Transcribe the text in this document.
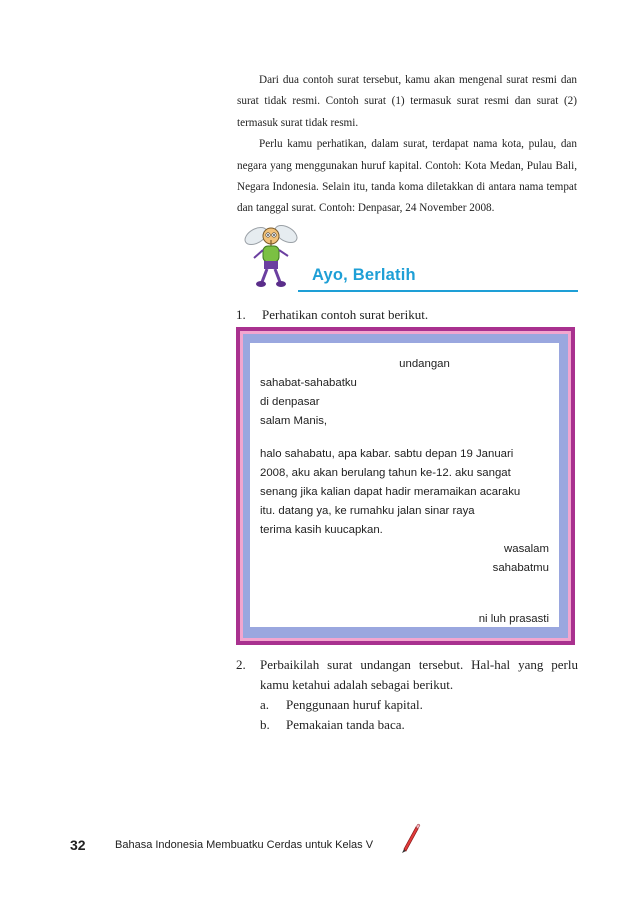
Dari dua contoh surat tersebut, kamu akan mengenal surat resmi dan surat tidak resmi. Contoh surat (1) termasuk surat resmi dan surat (2) termasuk surat tidak resmi.

Perlu kamu perhatikan, dalam surat, terdapat nama kota, pulau, dan negara yang menggunakan huruf kapital. Contoh: Kota Medan, Pulau Bali, Negara Indonesia. Selain itu, tanda koma diletakkan di antara nama tempat dan tanggal surat. Contoh: Denpasar, 24 November 2008.

Ayo, Berlatih
1. Perhatikan contoh surat berikut.
undangan
sahabat-sahabatku
di denpasar
salam Manis,
halo sahabatu, apa kabar. sabtu depan 19 Januari
2008, aku akan berulang tahun ke-12. aku sangat
senang jika kalian dapat hadir meramaikan acaraku
itu. datang ya, ke rumahku jalan sinar raya
terima kasih kuucapkan.
wasalam
sahabatmu
ni luh prasasti
2. Perbaikilah surat undangan tersebut. Hal-hal yang perlu kamu ketahui adalah sebagai berikut.
a. Penggunaan huruf kapital.
b. Pemakaian tanda baca.
32	Bahasa Indonesia Membuatku Cerdas untuk Kelas V
